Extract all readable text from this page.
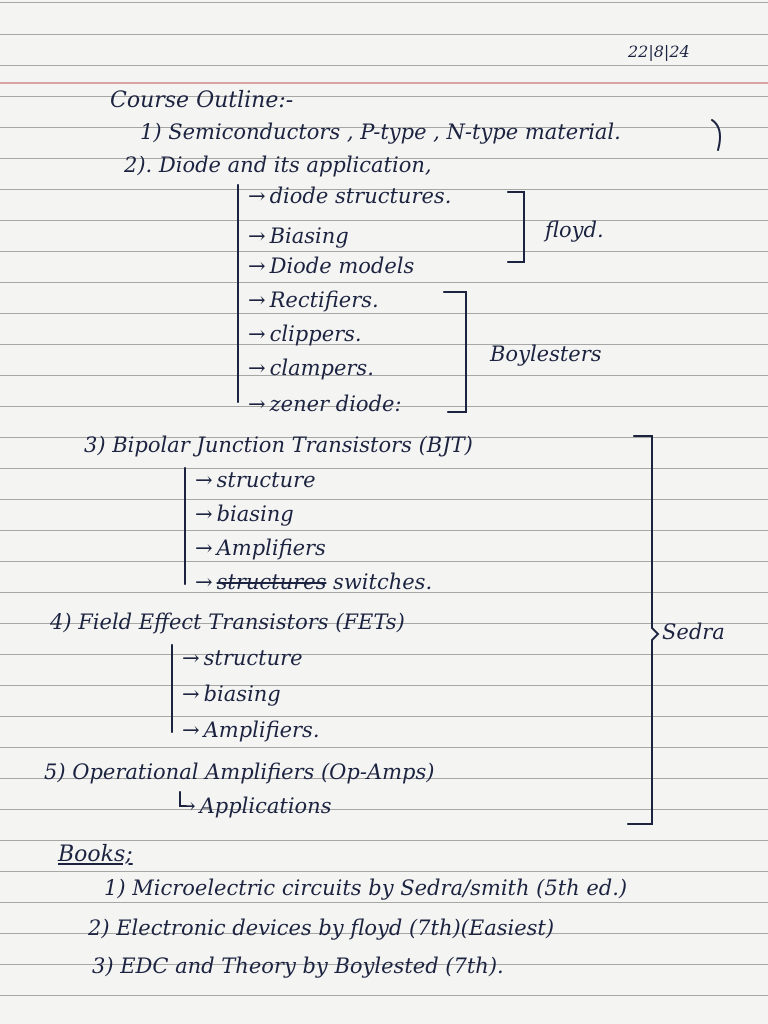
22|8|24
Course Outline:-
1) Semiconductors , P-type , N-type material.
2). Diode and its application,
→ diode structures.
→ Biasing
→ Diode models
→ Rectifiers.
→ clippers.
→ clampers.
→ zener diode:
floyd.
Boylesters
3) Bipolar Junction Transistors (BJT)
→ structure
→ biasing
→ Amplifiers
→ structures switches.
4) Field Effect Transistors (FETs)
→ structure
→ biasing
→ Amplifiers.
Sedra
5) Operational Amplifiers (Op-Amps)
→ Applications
Books;
1) Microelectric circuits by Sedra/smith (5th ed.)
2) Electronic devices by floyd (7th)(Easiest)
3) EDC and Theory by Boylested (7th).
